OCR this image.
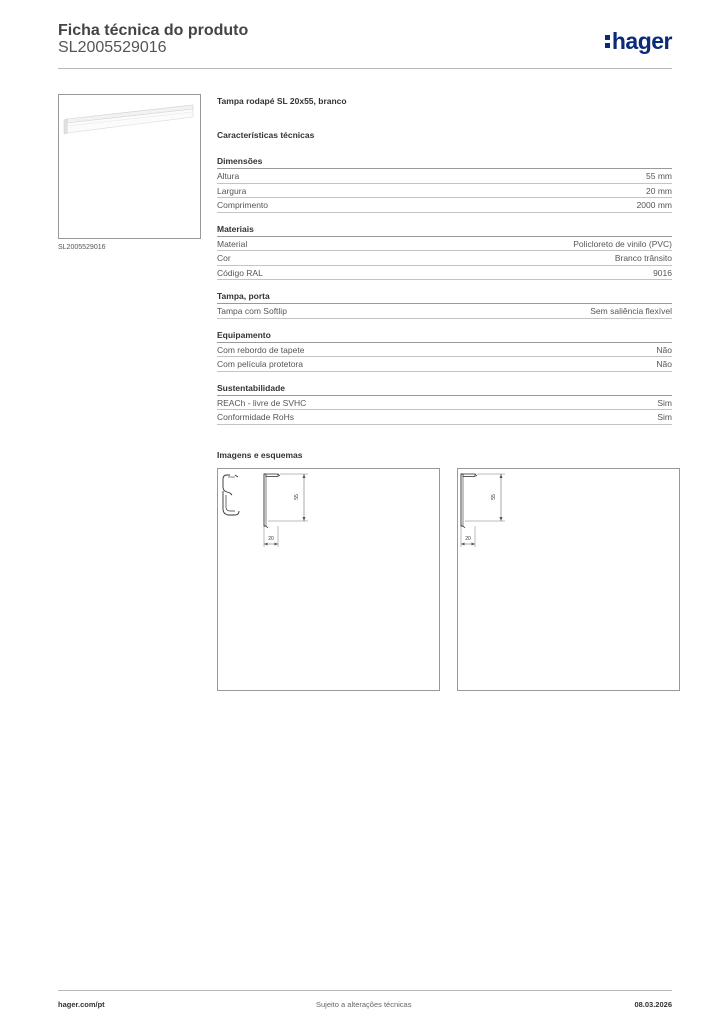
Ficha técnica do produto
SL2005529016	hager
SL2005529016
Tampa rodapé SL 20x55, branco
Características técnicas
Dimensões
Altura	55 mm
Largura	20 mm
Comprimento	2000 mm
Materiais
Material	Policloreto de vinilo (PVC)
Cor	Branco trânsito
Código RAL	9016
Tampa, porta
Tampa com Softlip	Sem saliência flexível
Equipamento
Com rebordo de tapete	Não
Com película protetora	Não
Sustentabilidade
REACh - livre de SVHC	Sim
Conformidade RoHs	Sim
Imagens e esquemas
55
20
55
20
hager.com/pt	Sujeito a alterações técnicas	08.03.2026
